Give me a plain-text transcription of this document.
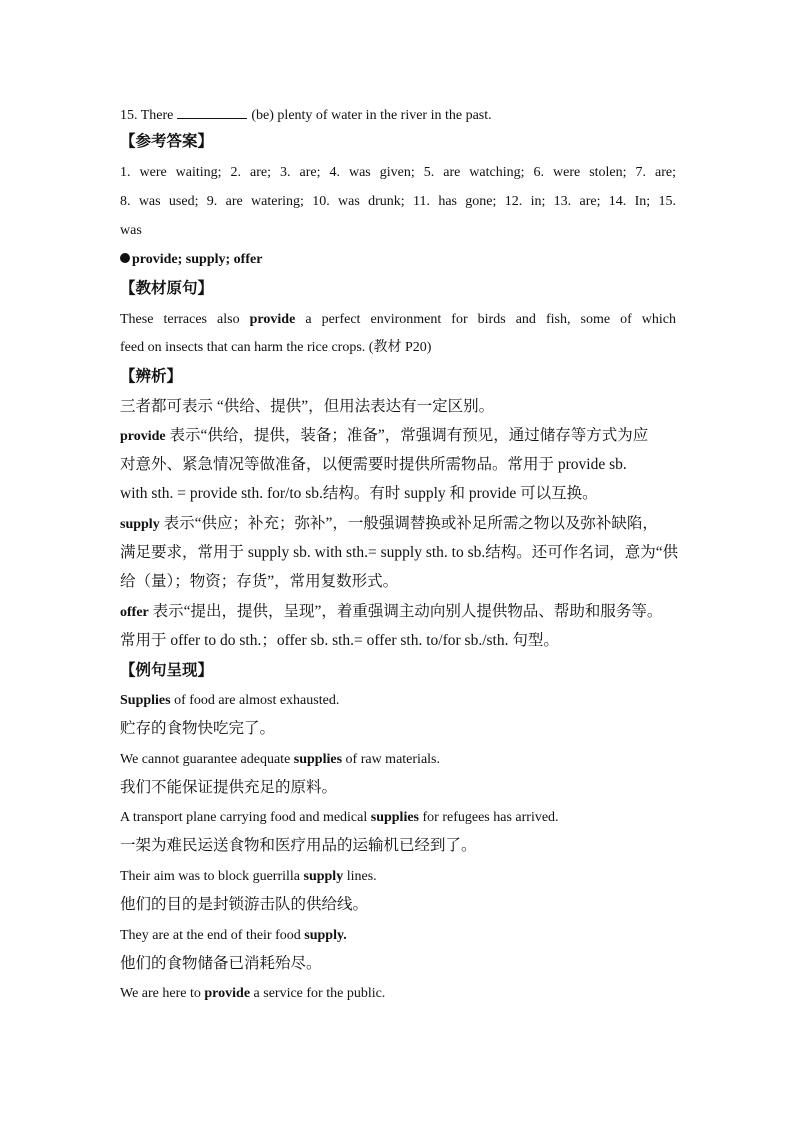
15. There	(be) plenty of water in the river in the past.
【参考答案】
1. were waiting; 2. are; 3. are; 4. was given; 5. are watching; 6. were stolen; 7. are;
8. was used; 9. are watering; 10. was drunk; 11. has gone; 12. in; 13. are; 14. In; 15.
was
provide; supply; offer
【教材原句】
These terraces also provide a perfect environment for birds and fish, some of which
feed on insects that can harm the rice crops. (教材 P20)
【辨析】
三者都可表示 “供给、提供”，但用法表达有一定区别。
provide 表示“供给，提供，装备；准备”，常强调有预见，通过储存等方式为应
对意外、紧急情况等做准备，以便需要时提供所需物品。常用于 provide sb.
with sth. = provide sth. for/to sb.结构。有时 supply 和 provide 可以互换。
supply 表示“供应；补充；弥补”，一般强调替换或补足所需之物以及弥补缺陷，
满足要求，常用于 supply sb. with sth.= supply sth. to sb.结构。还可作名词，意为“供
给（量）；物资；存货”，常用复数形式。
offer 表示“提出，提供，呈现”，着重强调主动向别人提供物品、帮助和服务等。
常用于 offer to do sth.；offer sb. sth.= offer sth. to/for sb./sth. 句型。
【例句呈现】
Supplies of food are almost exhausted.
贮存的食物快吃完了。
We cannot guarantee adequate supplies of raw materials.
我们不能保证提供充足的原料。
A transport plane carrying food and medical supplies for refugees has arrived.
一架为难民运送食物和医疗用品的运输机已经到了。
Their aim was to block guerrilla supply lines.
他们的目的是封锁游击队的供给线。
They are at the end of their food supply.
他们的食物储备已消耗殆尽。
We are here to provide a service for the public.
